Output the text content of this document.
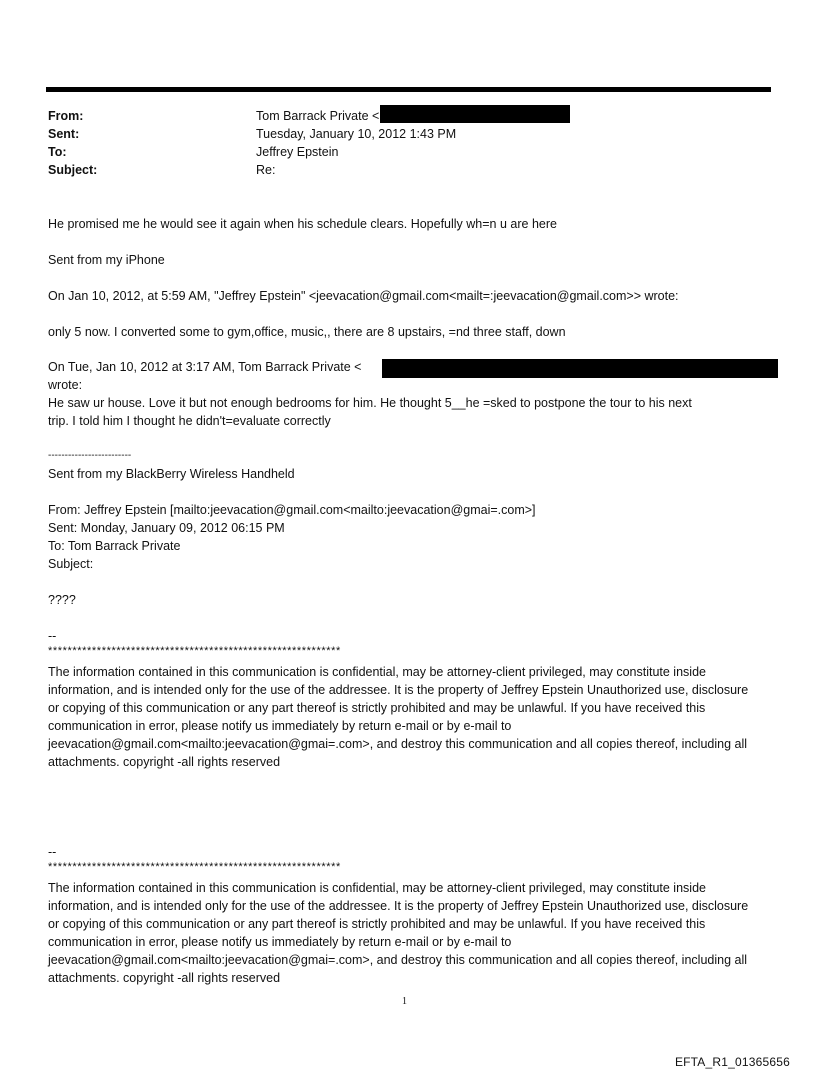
From:	Tom Barrack Private <
Sent:	Tuesday, January 10, 2012 1:43 PM
To:	Jeffrey Epstein
Subject:	Re:
He promised me he would see it again when his schedule clears. Hopefully wh=n u are here
Sent from my iPhone
On Jan 10, 2012, at 5:59 AM, "Jeffrey Epstein" <jeevacation@gmail.com<mailt=:jeevacation@gmail.com>> wrote:
only 5 now. I converted some to gym,office, music,, there are 8 upstairs, =nd three staff, down
On Tue, Jan 10, 2012 at 3:17 AM, Tom Barrack Private <
wrote:
He saw ur house. Love it but not enough bedrooms for him. He thought 5__he =sked to postpone the tour to his next
trip. I told him I thought he didn't=evaluate correctly
-------------------------
Sent from my BlackBerry Wireless Handheld
From: Jeffrey Epstein [mailto:jeevacation@gmail.com<mailto:jeevacation@gmai=.com>]
Sent: Monday, January 09, 2012 06:15 PM
To: Tom Barrack Private
Subject:
????
--
************************************************************
The information contained in this communication is confidential, may be attorney-client privileged, may constitute inside information, and is intended only for the use of the addressee. It is the property of Jeffrey Epstein Unauthorized use, disclosure or copying of this communication or any part thereof is strictly prohibited and may be unlawful. If you have received this communication in error, please notify us immediately by return e-mail or by e-mail to jeevacation@gmail.com<mailto:jeevacation@gmai=.com>, and destroy this communication and all copies thereof, including all attachments. copyright -all rights reserved
--
************************************************************
The information contained in this communication is confidential, may be attorney-client privileged, may constitute inside information, and is intended only for the use of the addressee. It is the property of Jeffrey Epstein Unauthorized use, disclosure or copying of this communication or any part thereof is strictly prohibited and may be unlawful. If you have received this communication in error, please notify us immediately by return e-mail or by e-mail to jeevacation@gmail.com<mailto:jeevacation@gmai=.com>, and destroy this communication and all copies thereof, including all attachments. copyright -all rights reserved
1
EFTA_R1_01365656
